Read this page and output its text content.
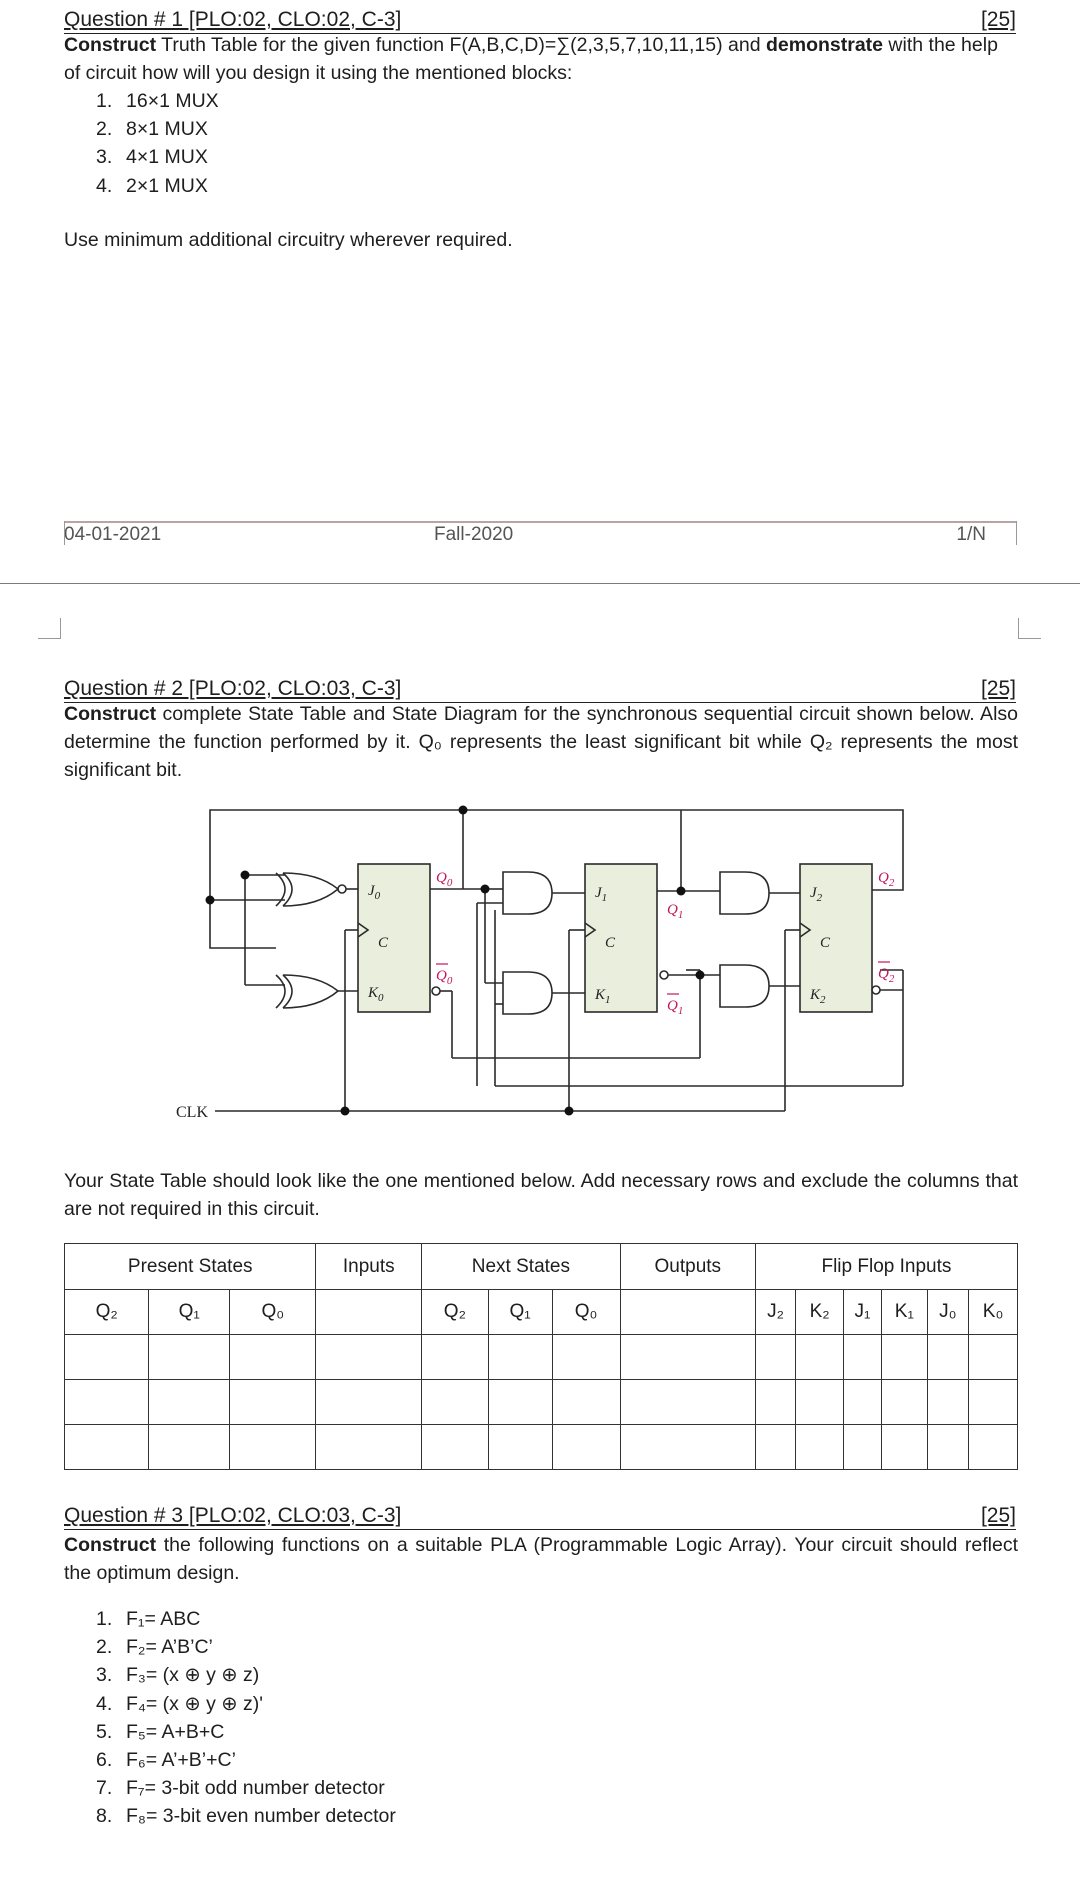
Question # 1 [PLO:02, CLO:02, C-3]	[25]
Construct Truth Table for the given function F(A,B,C,D)=∑(2,3,5,7,10,11,15) and demonstrate with the help of circuit how will you design it using the mentioned blocks:
1. 16×1 MUX
2. 8×1 MUX
3. 4×1 MUX
4. 2×1 MUX
Use minimum additional circuitry wherever required.
04-01-2021	Fall-2020	1/N
Question # 2 [PLO:02, CLO:03, C-3]	[25]
Construct complete State Table and State Diagram for the synchronous sequential circuit shown below. Also determine the function performed by it. Q₀ represents the least significant bit while Q₂ represents the most significant bit.
$J_0$
C
$K_0$
$J_1$
C
$K_1$
$J_2$
C
$K_2$
$Q_0$
$Q_0$
$Q_1$
$Q_1$
$Q_2$
$Q_2$
CLK
Your State Table should look like the one mentioned below. Add necessary rows and exclude the columns that are not required in this circuit.
Present States			Inputs	Next States			Outputs	Flip Flop Inputs					
Q₂	Q₁	Q₀		Q₂	Q₁	Q₀		J₂	K₂	J₁	K₁	J₀	K₀

Question # 3 [PLO:02, CLO:03, C-3]	[25]
Construct the following functions on a suitable PLA (Programmable Logic Array). Your circuit should reflect the optimum design.
1. F₁= ABC
2. F₂= A’B’C’
3. F₃= (x ⊕ y ⊕ z)
4. F₄= (x ⊕ y ⊕ z)'
5. F₅= A+B+C
6. F₆= A’+B’+C’
7. F₇= 3-bit odd number detector
8. F₈= 3-bit even number detector
